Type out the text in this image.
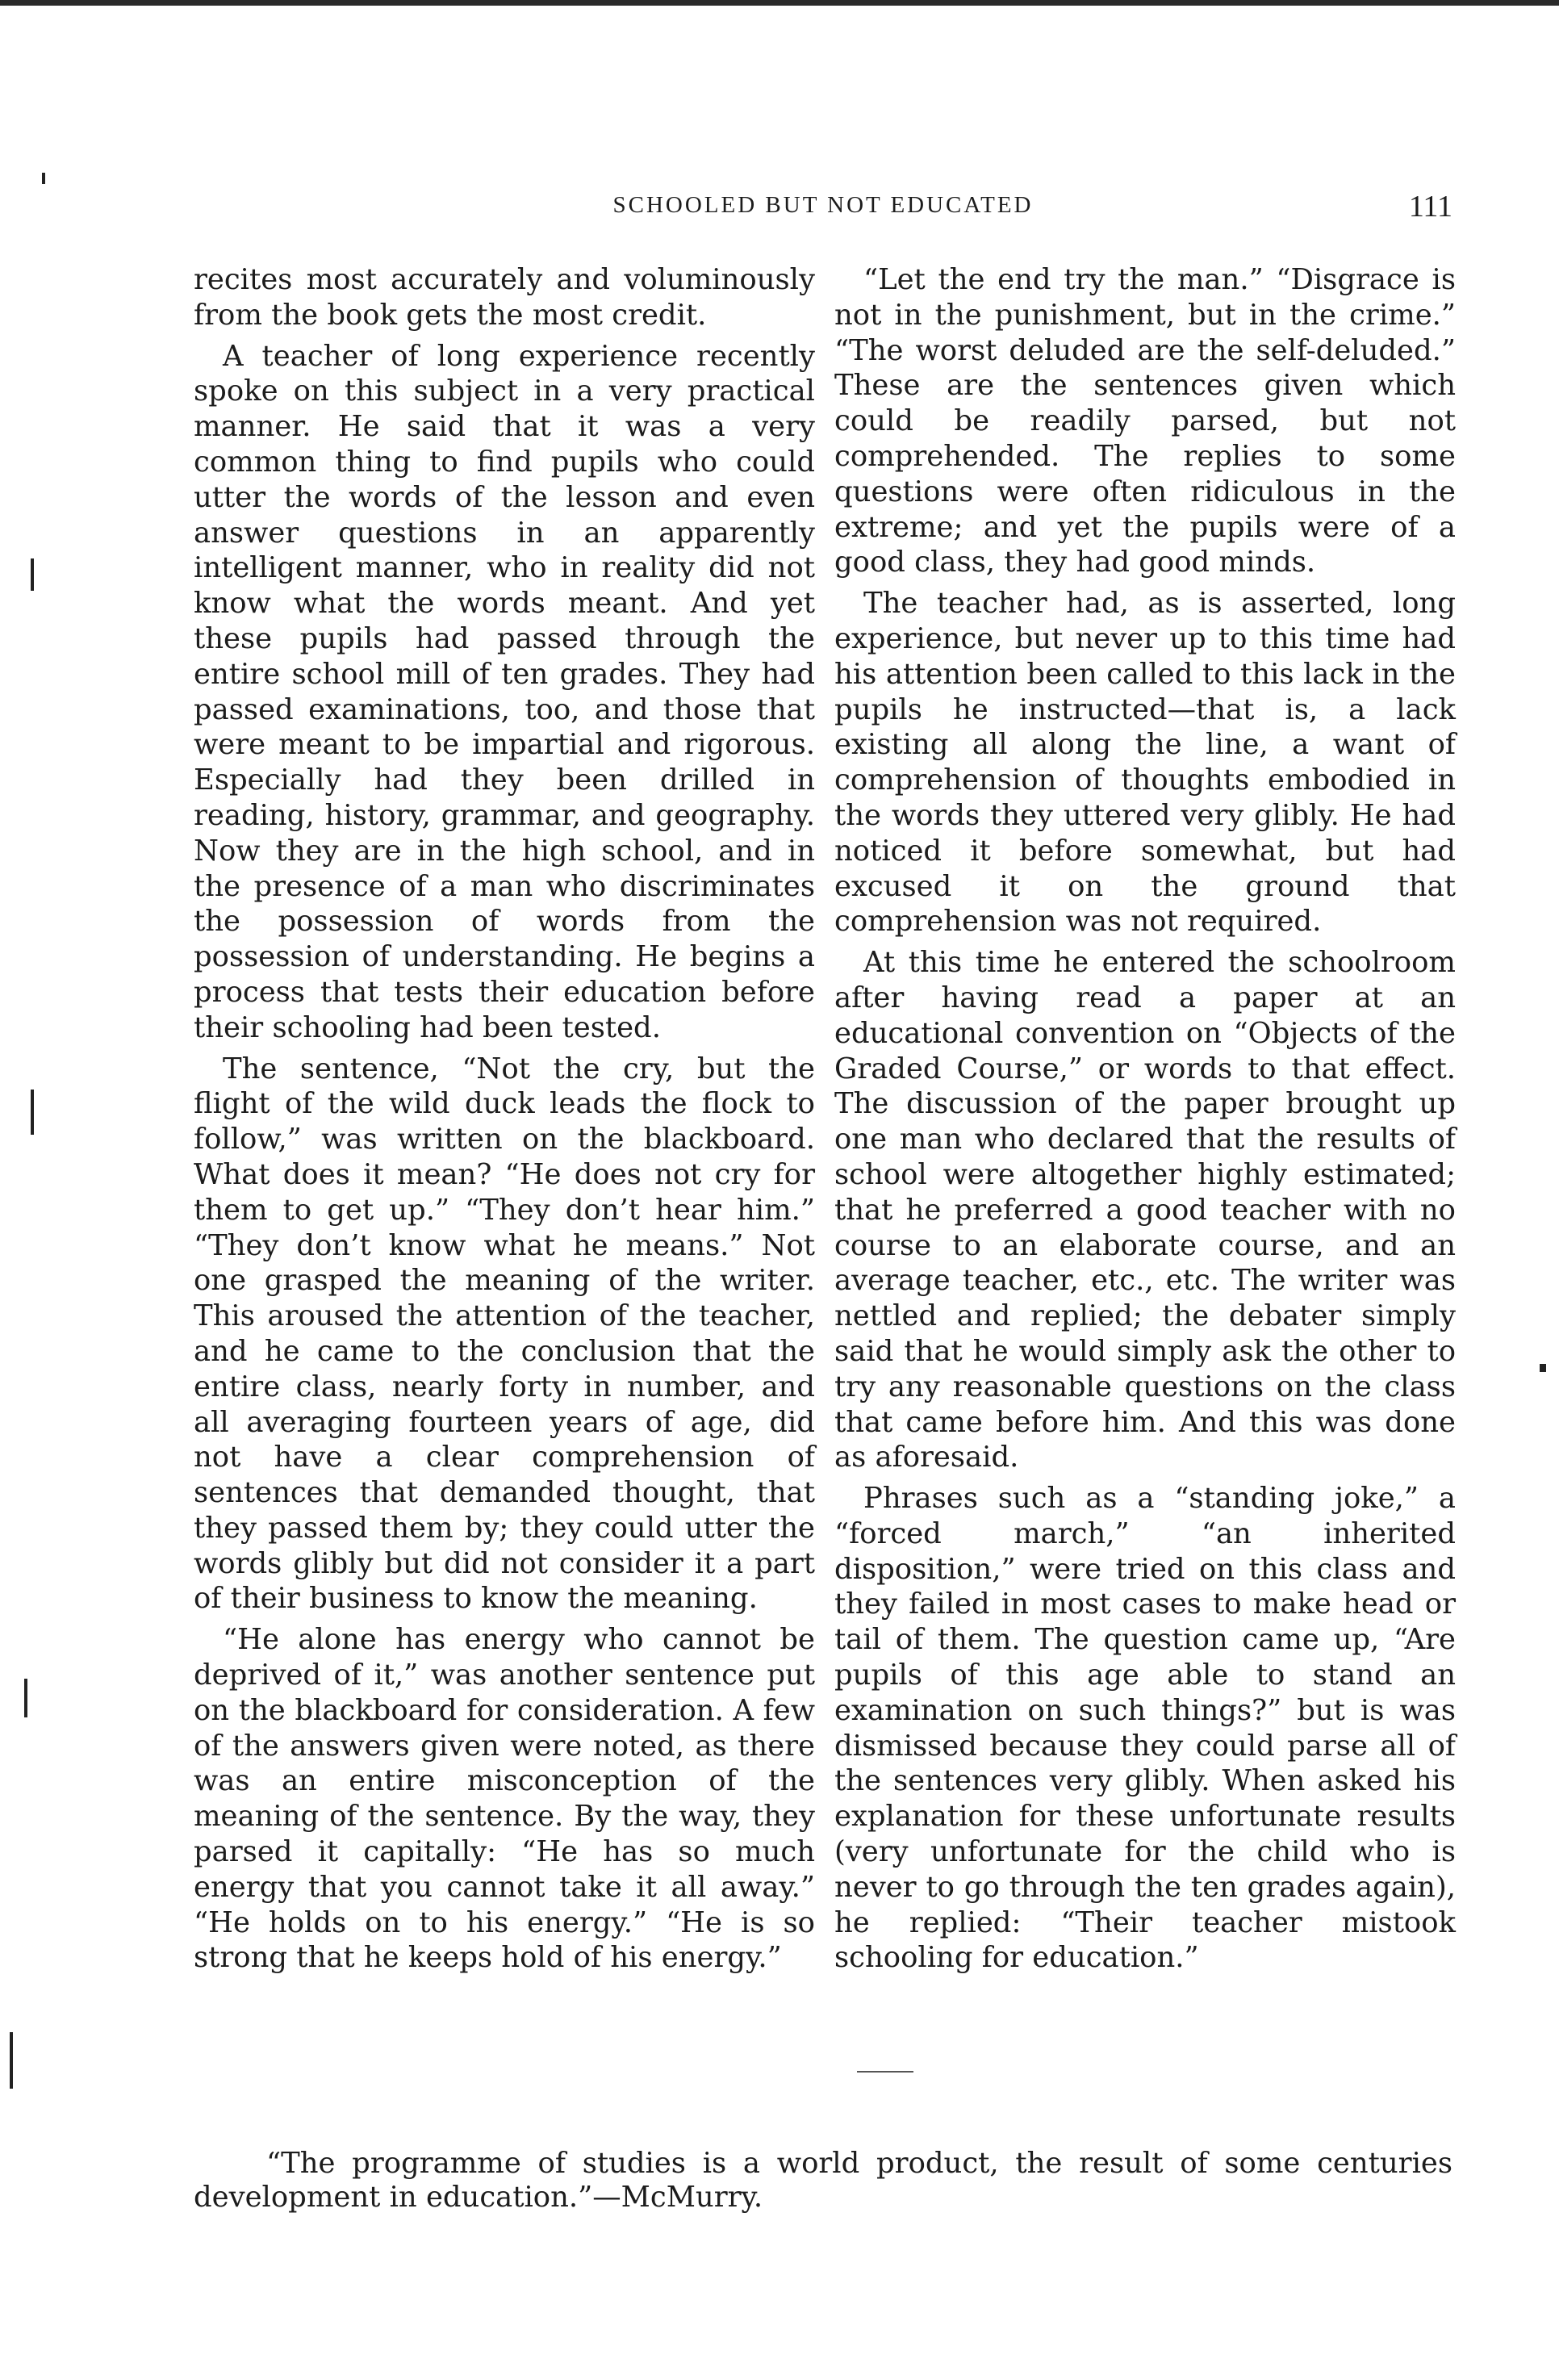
SCHOOLED BUT NOT EDUCATED	111

recites most accurately and voluminously from the book gets the most credit.

A teacher of long experience recently spoke on this subject in a very practical manner. He said that it was a very common thing to find pupils who could utter the words of the lesson and even answer questions in an apparently intelligent manner, who in reality did not know what the words meant. And yet these pupils had passed through the entire school mill of ten grades. They had passed examinations, too, and those that were meant to be impartial and rigorous. Especially had they been drilled in reading, history, grammar, and geography. Now they are in the high school, and in the presence of a man who discriminates the possession of words from the possession of understanding. He begins a process that tests their education before their schooling had been tested.

The sentence, “Not the cry, but the flight of the wild duck leads the flock to follow,” was written on the blackboard. What does it mean? “He does not cry for them to get up.” “They don’t hear him.” “They don’t know what he means.” Not one grasped the meaning of the writer. This aroused the attention of the teacher, and he came to the conclusion that the entire class, nearly forty in number, and all averaging fourteen years of age, did not have a clear comprehension of sentences that demanded thought, that they passed them by; they could utter the words glibly but did not consider it a part of their business to know the meaning.

“He alone has energy who cannot be deprived of it,” was another sentence put on the blackboard for consideration. A few of the answers given were noted, as there was an entire misconception of the meaning of the sentence. By the way, they parsed it capitally: “He has so much energy that you cannot take it all away.” “He holds on to his energy.” “He is so strong that he keeps hold of his energy.”

“Let the end try the man.” “Disgrace is not in the punishment, but in the crime.” “The worst deluded are the self-deluded.” These are the sentences given which could be readily parsed, but not comprehended. The replies to some questions were often ridiculous in the extreme; and yet the pupils were of a good class, they had good minds.

The teacher had, as is asserted, long experience, but never up to this time had his attention been called to this lack in the pupils he instructed—that is, a lack existing all along the line, a want of comprehension of thoughts embodied in the words they uttered very glibly. He had noticed it before somewhat, but had excused it on the ground that comprehension was not required.

At this time he entered the schoolroom after having read a paper at an educational convention on “Objects of the Graded Course,” or words to that effect. The discussion of the paper brought up one man who declared that the results of school were altogether highly estimated; that he preferred a good teacher with no course to an elaborate course, and an average teacher, etc., etc. The writer was nettled and replied; the debater simply said that he would simply ask the other to try any reasonable questions on the class that came before him. And this was done as aforesaid.

Phrases such as a “standing joke,” a “forced march,” “an inherited disposition,” were tried on this class and they failed in most cases to make head or tail of them. The question came up, “Are pupils of this age able to stand an examination on such things?” but is was dismissed because they could parse all of the sentences very glibly. When asked his explanation for these unfortunate results (very unfortunate for the child who is never to go through the ten grades again), he replied: “Their teacher mistook schooling for education.”

“The programme of studies is a world product, the result of some centuries development in education.”—McMurry.
